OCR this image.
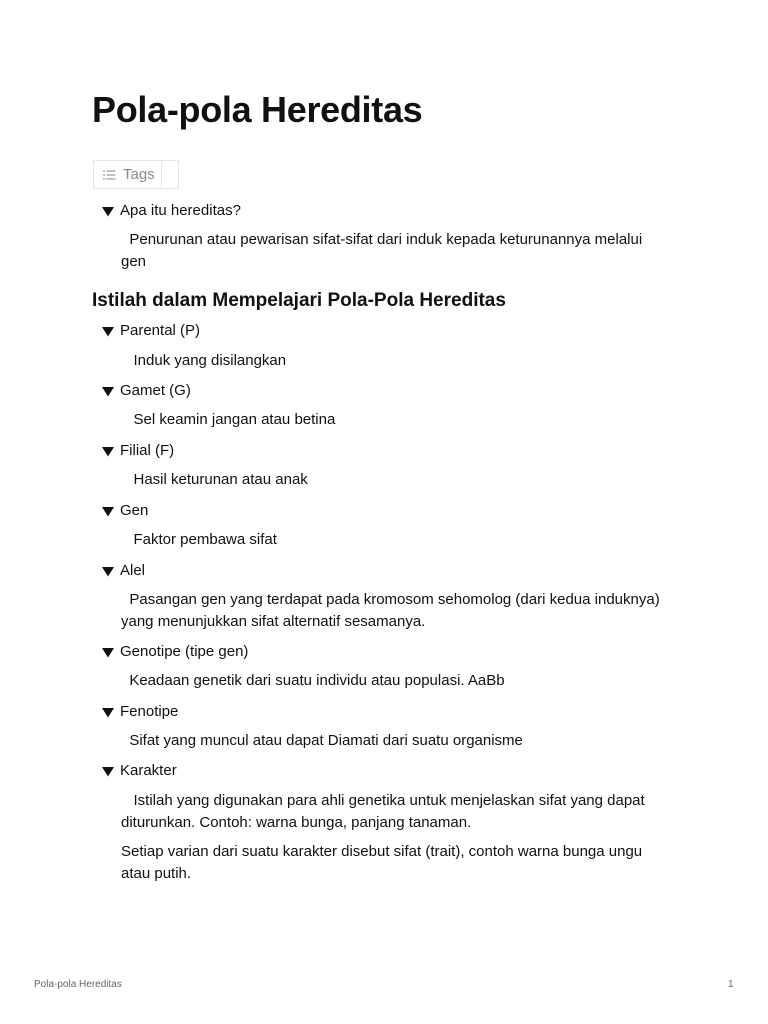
Pola-pola Hereditas
Tags
Apa itu hereditas?
Penurunan atau pewarisan sifat-sifat dari induk kepada keturunannya melalui gen
Istilah dalam Mempelajari Pola-Pola Hereditas
Parental (P)
Induk yang disilangkan
Gamet (G)
Sel keamin jangan atau betina
Filial (F)
Hasil keturunan atau anak
Gen
Faktor pembawa sifat
Alel
Pasangan gen yang terdapat pada kromosom sehomolog (dari kedua induknya) yang menunjukkan sifat alternatif sesamanya.
Genotipe (tipe gen)
Keadaan genetik dari suatu individu atau populasi. AaBb
Fenotipe
Sifat yang muncul atau dapat Diamati dari suatu organisme
Karakter
Istilah yang digunakan para ahli genetika untuk menjelaskan sifat yang dapat diturunkan. Contoh: warna bunga, panjang tanaman.
Setiap varian dari suatu karakter disebut sifat (trait), contoh warna bunga ungu atau putih.
Pola-pola Hereditas	1
